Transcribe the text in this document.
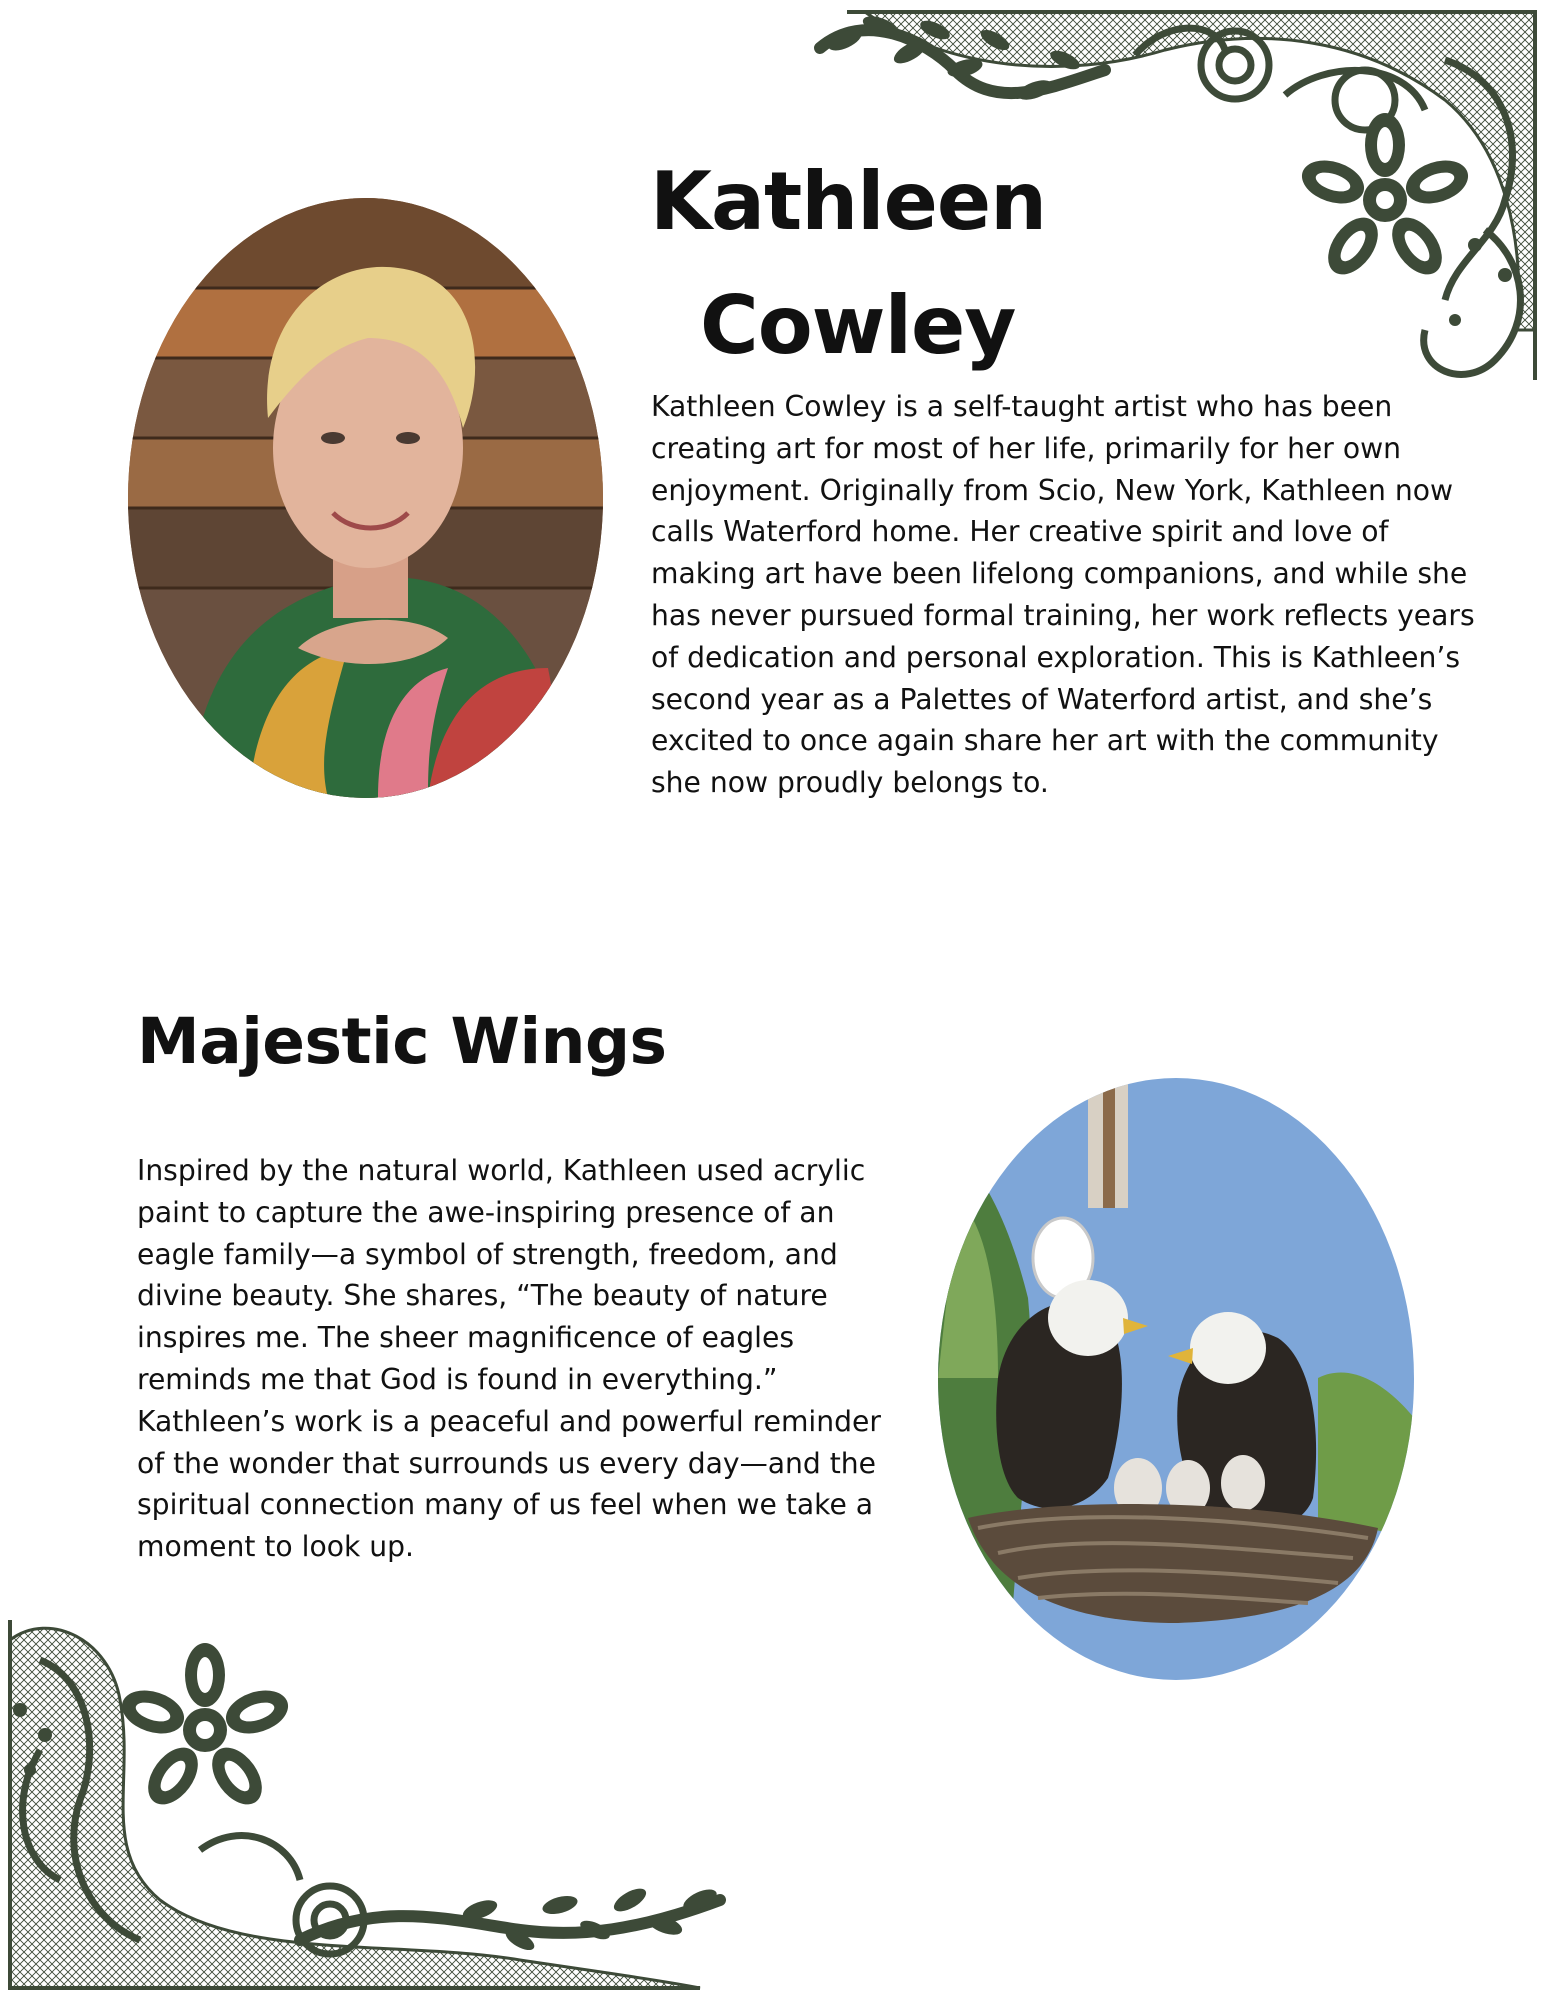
Kathleen
Cowley

Kathleen Cowley is a self-taught artist who has been creating art for most of her life, primarily for her own enjoyment. Originally from Scio, New York, Kathleen now calls Waterford home. Her creative spirit and love of making art have been lifelong companions, and while she has never pursued formal training, her work reflects years of dedication and personal exploration. This is Kathleen’s second year as a Palettes of Waterford artist, and she’s excited to once again share her art with the community she now proudly belongs to.

Majestic Wings

Inspired by the natural world, Kathleen used acrylic paint to capture the awe-inspiring presence of an eagle family—a symbol of strength, freedom, and divine beauty. She shares, “The beauty of nature inspires me. The sheer magnificence of eagles reminds me that God is found in everything.” Kathleen’s work is a peaceful and powerful reminder of the wonder that surrounds us every day—and the spiritual connection many of us feel when we take a moment to look up.
